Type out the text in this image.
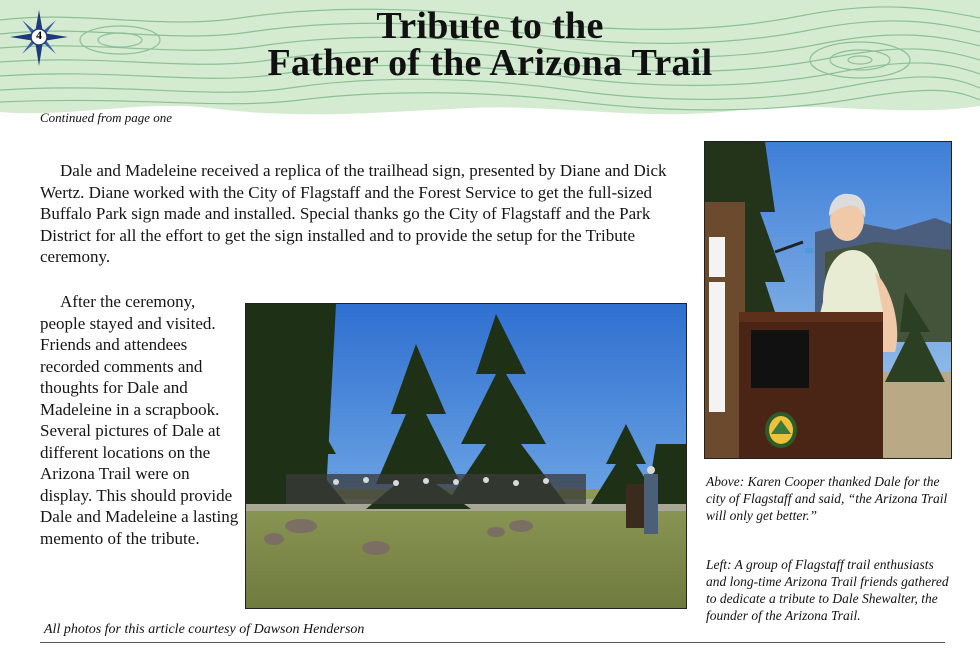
4	Tribute to the
Father of the Arizona Trail
Continued from page one

Dale and Madeleine received a replica of the trailhead sign, presented by Diane and Dick Wertz. Diane worked with the City of Flagstaff and the Forest Service to get the full-sized Buffalo Park sign made and installed. Special thanks go the City of Flagstaff and the Park District for all the effort to get the sign installed and to provide the setup for the Tribute ceremony.

After the ceremony, people stayed and visited. Friends and attendees recorded comments and thoughts for Dale and Madeleine in a scrapbook. Several pictures of Dale at different locations on the Arizona Trail were on display. This should provide Dale and Madeleine a lasting memento of the tribute.

Above: Karen Cooper thanked Dale for the city of Flagstaff and said, “the Arizona Trail will only get better.”

Left: A group of Flagstaff trail enthusiasts and long-time Arizona Trail friends gathered to dedicate a tribute to Dale Shewalter, the founder of the Arizona Trail.

All photos for this article courtesy of Dawson Henderson
